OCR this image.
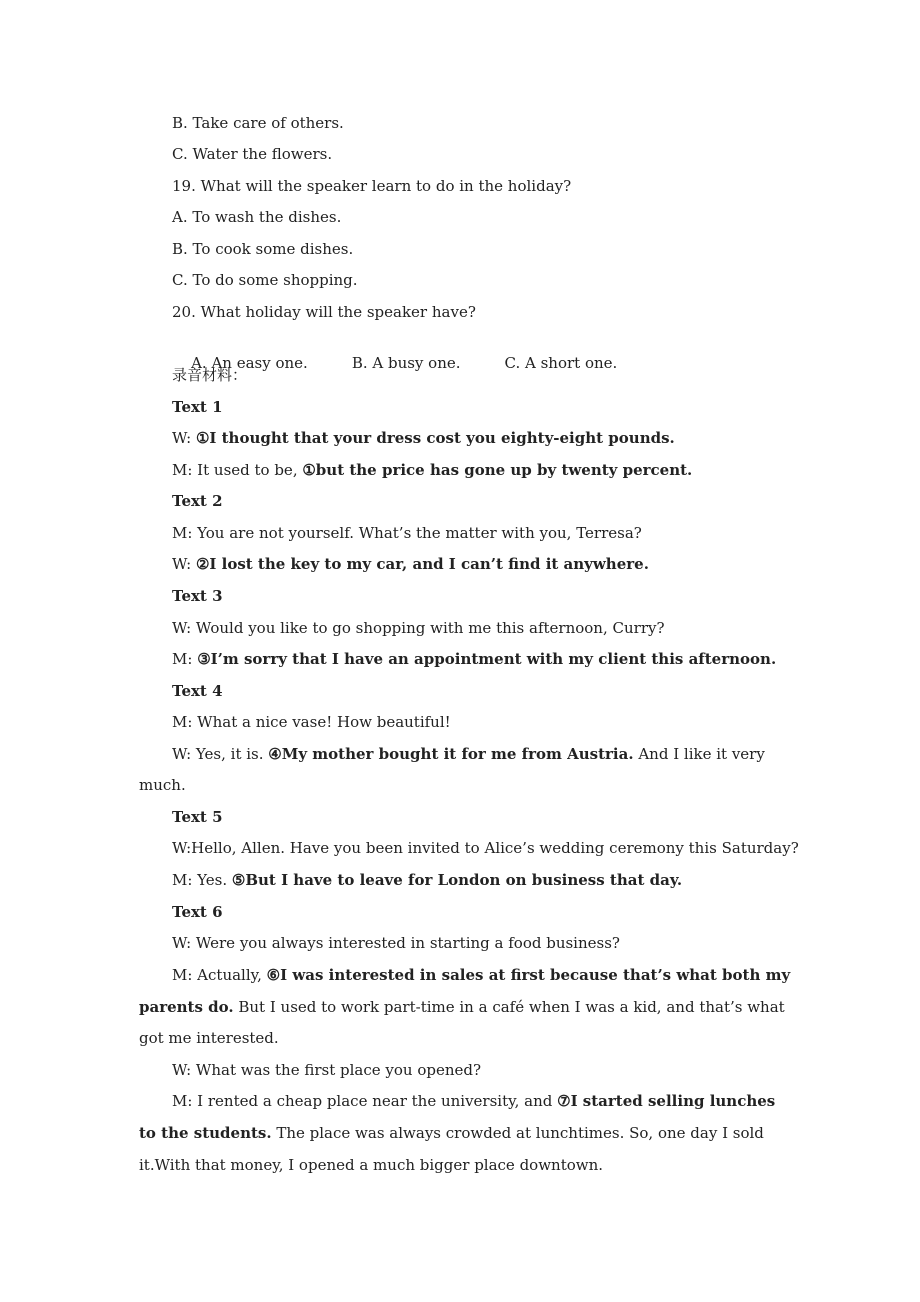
B. Take care of others.
C. Water the flowers.
19. What will the speaker learn to do in the holiday?
A. To wash the dishes.
B. To cook some dishes.
C. To do some shopping.
20. What holiday will the speaker have?

A. An easy one.	B. A busy one.	C. A short one.

录音材料：
Text 1
W: ①I thought that your dress cost you eighty-eight pounds.
M: It used to be, ①but the price has gone up by twenty percent.
Text 2
M: You are not yourself. What’s the matter with you, Terresa?
W: ②I lost the key to my car, and I can’t find it anywhere.
Text 3
W: Would you like to go shopping with me this afternoon, Curry?
M: ③I’m sorry that I have an appointment with my client this afternoon.
Text 4
M: What a nice vase! How beautiful!
W: Yes, it is. ④My mother bought it for me from Austria. And I like it very
much.
Text 5
W:Hello, Allen. Have you been invited to Alice’s wedding ceremony this Saturday?
M: Yes. ⑤But I have to leave for London on business that day.
Text 6
W: Were you always interested in starting a food business?
M: Actually, ⑥I was interested in sales at first because that’s what both my
parents do. But I used to work part-time in a café when I was a kid, and that’s what
got me interested.
W: What was the first place you opened?
M: I rented a cheap place near the university, and ⑦I started selling lunches
to the students. The place was always crowded at lunchtimes. So, one day I sold
it.With that money, I opened a much bigger place downtown.
